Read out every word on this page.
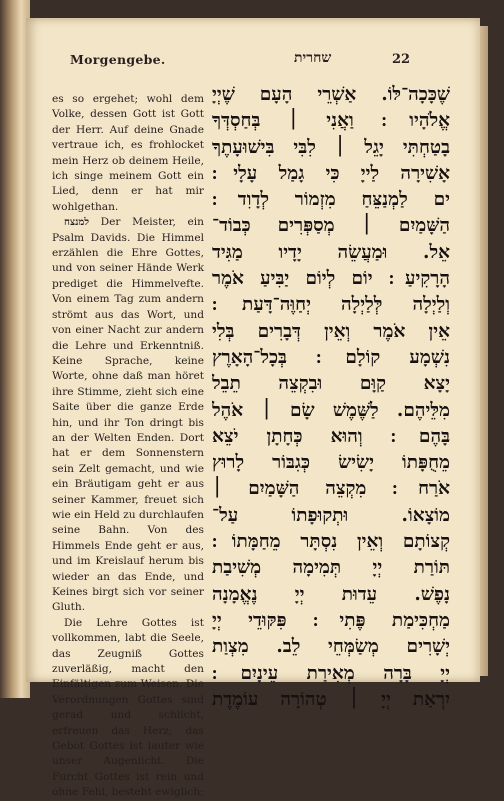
Morgengebe.	שחרית	22

es so ergehet; wohl dem Volke, dessen Gott ist Gott der Herr. Auf deine Gnade vertraue ich, es frohlocket mein Herz ob deinem Heile, ich singe meinem Gott ein Lied, denn er hat mir wohlgethan.

למנצח Der Meister, ein Psalm Davids. Die Himmel erzählen die Ehre Gottes, und von seiner Hände Werk prediget die Himmelvefte. Von einem Tag zum andern strömt aus das Wort, und von einer Nacht zur andern die Lehre und Erkenntniß. Keine Sprache, keine Worte, ohne daß man höret ihre Stimme, zieht sich eine Saite über die ganze Erde hin, und ihr Ton dringt bis an der Welten Enden. Dort hat er dem Sonnenstern sein Zelt gemacht, und wie ein Bräutigam geht er aus seiner Kammer, freuet sich wie ein Held zu durchlaufen seine Bahn. Von des Himmels Ende geht er aus, und im Kreislauf herum bis wieder an das Ende, und Keines birgt sich vor seiner Gluth.

Die Lehre Gottes ist vollkommen, labt die Seele, das Zeugniß Gottes zuverläßig, macht den Einfältigen zum Weisen. Die Verordnungen Gottes sind gerad und schlicht, erfreuen das Herz; das Gebot Gottes ist lauter wie unser Augenlicht. Die Furcht Gottes ist rein und ohne Fehl, besteht ewiglich;

שֶׁכָּכָה־לּוֹ. אַשְׁרֵי הָעָם שֶׁיְיָ
אֱלֹהָיו ׃ וַאֲנִי ׀ בְּחַסְדְּךָ
בָטַחְתִּי יָגֵל ׀ לִבִּי בִּישׁוּעָתֶךָ
אָשִׁירָה לַייָ כִּי גָמַל עָלָי ׃
ים לַמְנַצֵּחַ מִזְמוֹר לְדָוִד ׃
הַשָּׁמַיִם ׀ מְסַפְּרִים כְּבוֹד־
אֵל. וּמַעֲשֵׂה יָדָיו מַגִּיד
הָרָקִיעַ ׃ יוֹם לְיוֹם יַבִּיעַ אֹמֶר
וְלַיְלָה לְּלַיְלָה יְחַוֶּה־דָּעַת ׃
אֵין אֹמֶר וְאֵין דְּבָרִים בְּלִי
נִשְׁמָע קוֹלָם ׃ בְּכָל־הָאָרֶץ
יָצָא קַוָּם וּבִקְצֵה תֵבֵל
מִלֵּיהֶם. לַשֶּׁמֶשׁ שָׂם ׀ אֹהֶל
בָּהֶם ׃ וְהוּא כְּחָתָן יֹצֵא
מֵחֻפָּתוֹ יָשִׂישׂ כְּגִבּוֹר לָרוּץ
אֹרַח ׃ מִקְצֵה הַשָּׁמַיִם ׀
מוֹצָאוֹ. וּתְקוּפָתוֹ עַל־
קְצוֹתָם וְאֵין נִסְתָּר מֵחַמָּתוֹ ׃
תּוֹרַת יְיָ תְּמִימָה מְשִׁיבַת
נָפֶשׁ. עֵדוּת יְיָ נֶאֱמָנָה
מַחְכִּימַת פֶּתִי ׃ פִּקּוּדֵי יְיָ
יְשָׁרִים מְשַׂמְּחֵי לֵב. מִצְוַת
יְיָ בָּרָה מְאִירַת עֵינָיִם ׃
יִרְאַת יְיָ ׀ טְהוֹרָה עוֹמֶדֶת
